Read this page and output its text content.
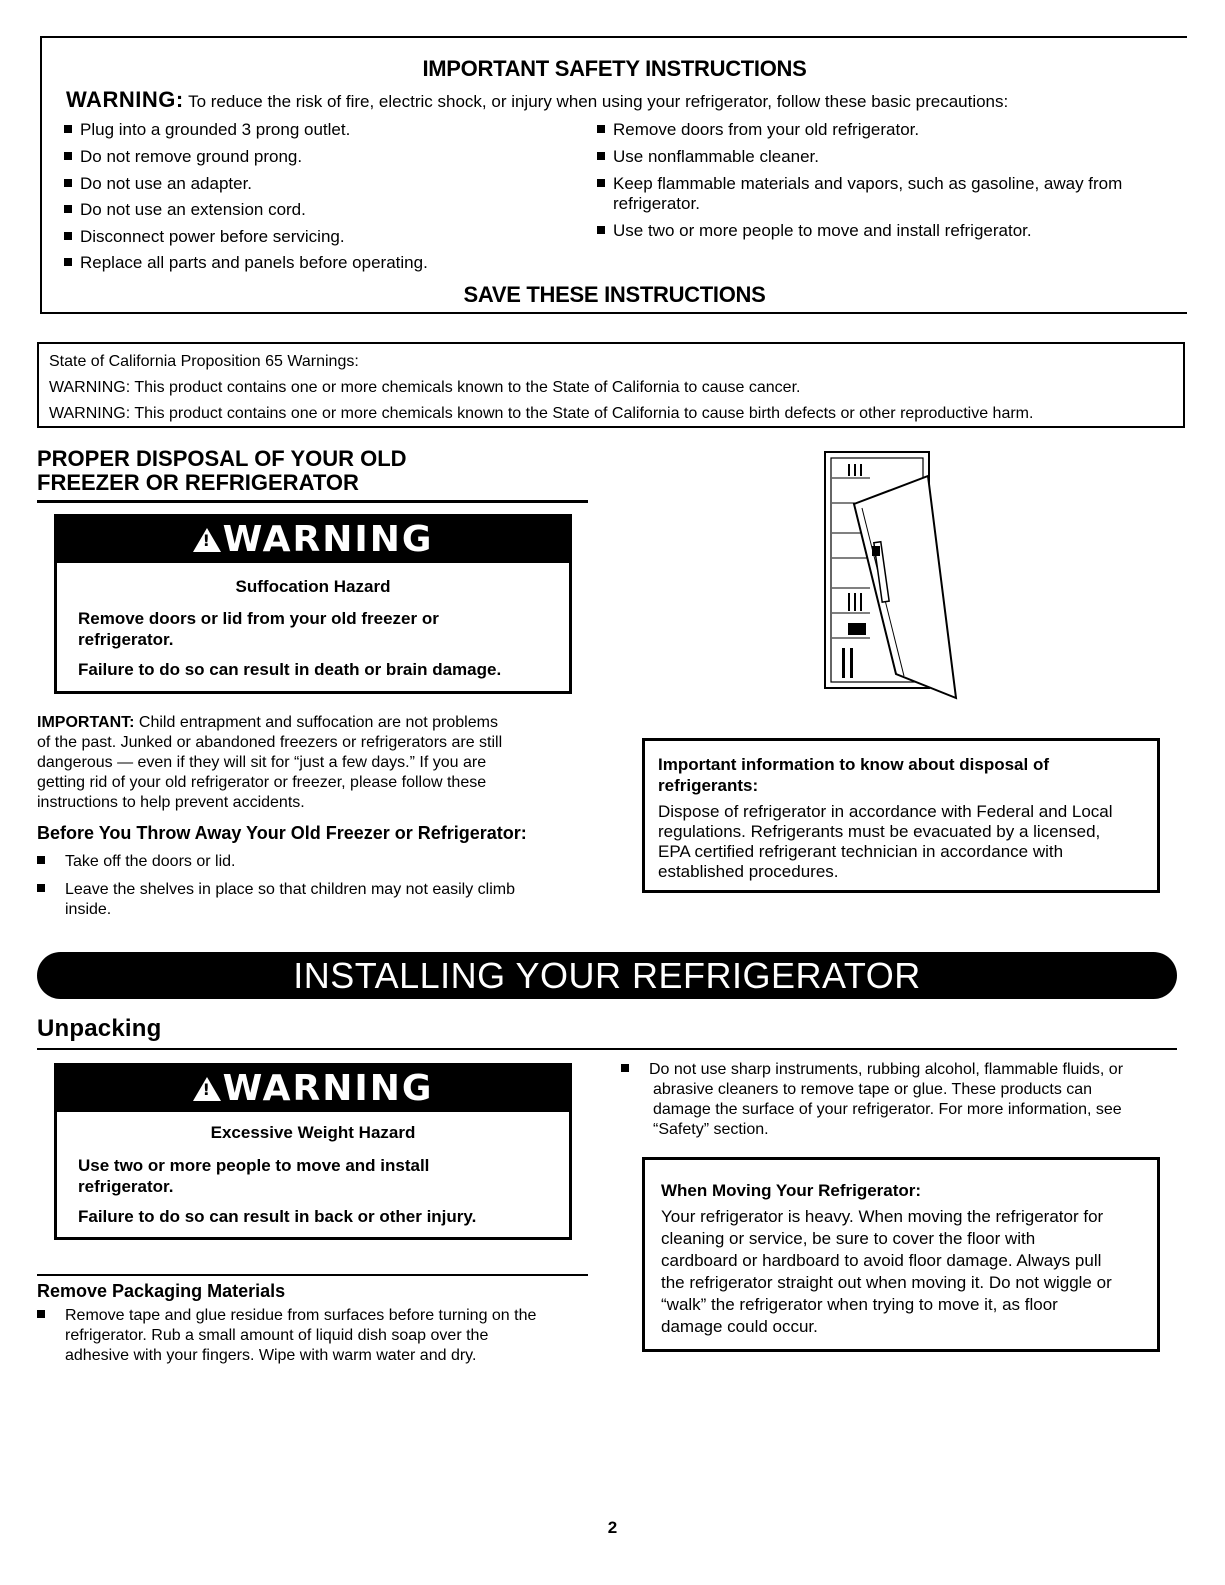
IMPORTANT SAFETY INSTRUCTIONS
WARNING: To reduce the risk of fire, electric shock, or injury when using your refrigerator, follow these basic precautions:
Plug into a grounded 3 prong outlet.
Do not remove ground prong.
Do not use an adapter.
Do not use an extension cord.
Disconnect power before servicing.
Replace all parts and panels before operating.
Remove doors from your old refrigerator.
Use nonflammable cleaner.
Keep flammable materials and vapors, such as gasoline, away from
refrigerator.
Use two or more people to move and install refrigerator.
SAVE THESE INSTRUCTIONS
State of California Proposition 65 Warnings:
WARNING: This product contains one or more chemicals known to the State of California to cause cancer.
WARNING: This product contains one or more chemicals known to the State of California to cause birth defects or other reproductive harm.
PROPER DISPOSAL OF YOUR OLD
FREEZER OR REFRIGERATOR
!WARNING
Suffocation Hazard
Remove doors or lid from your old freezer or
refrigerator.
Failure to do so can result in death or brain damage.
IMPORTANT: Child entrapment and suffocation are not problems
of the past. Junked or abandoned freezers or refrigerators are still
dangerous — even if they will sit for “just a few days.” If you are
getting rid of your old refrigerator or freezer, please follow these
instructions to help prevent accidents.
Before You Throw Away Your Old Freezer or Refrigerator:
Take off the doors or lid.
Leave the shelves in place so that children may not easily climb
inside.
Important information to know about disposal of
refrigerants:
Dispose of refrigerator in accordance with Federal and Local
regulations. Refrigerants must be evacuated by a licensed,
EPA certified refrigerant technician in accordance with
established procedures.
INSTALLING YOUR REFRIGERATOR
Unpacking
!WARNING
Excessive Weight Hazard
Use two or more people to move and install
refrigerator.
Failure to do so can result in back or other injury.
Remove Packaging Materials
Remove tape and glue residue from surfaces before turning on the
refrigerator. Rub a small amount of liquid dish soap over the
adhesive with your fingers. Wipe with warm water and dry.
Do not use sharp instruments, rubbing alcohol, flammable fluids, or
abrasive cleaners to remove tape or glue. These products can
damage the surface of your refrigerator. For more information, see
“Safety” section.
When Moving Your Refrigerator:
Your refrigerator is heavy. When moving the refrigerator for
cleaning or service, be sure to cover the floor with
cardboard or hardboard to avoid floor damage. Always pull
the refrigerator straight out when moving it. Do not wiggle or
“walk” the refrigerator when trying to move it, as floor
damage could occur.
2
